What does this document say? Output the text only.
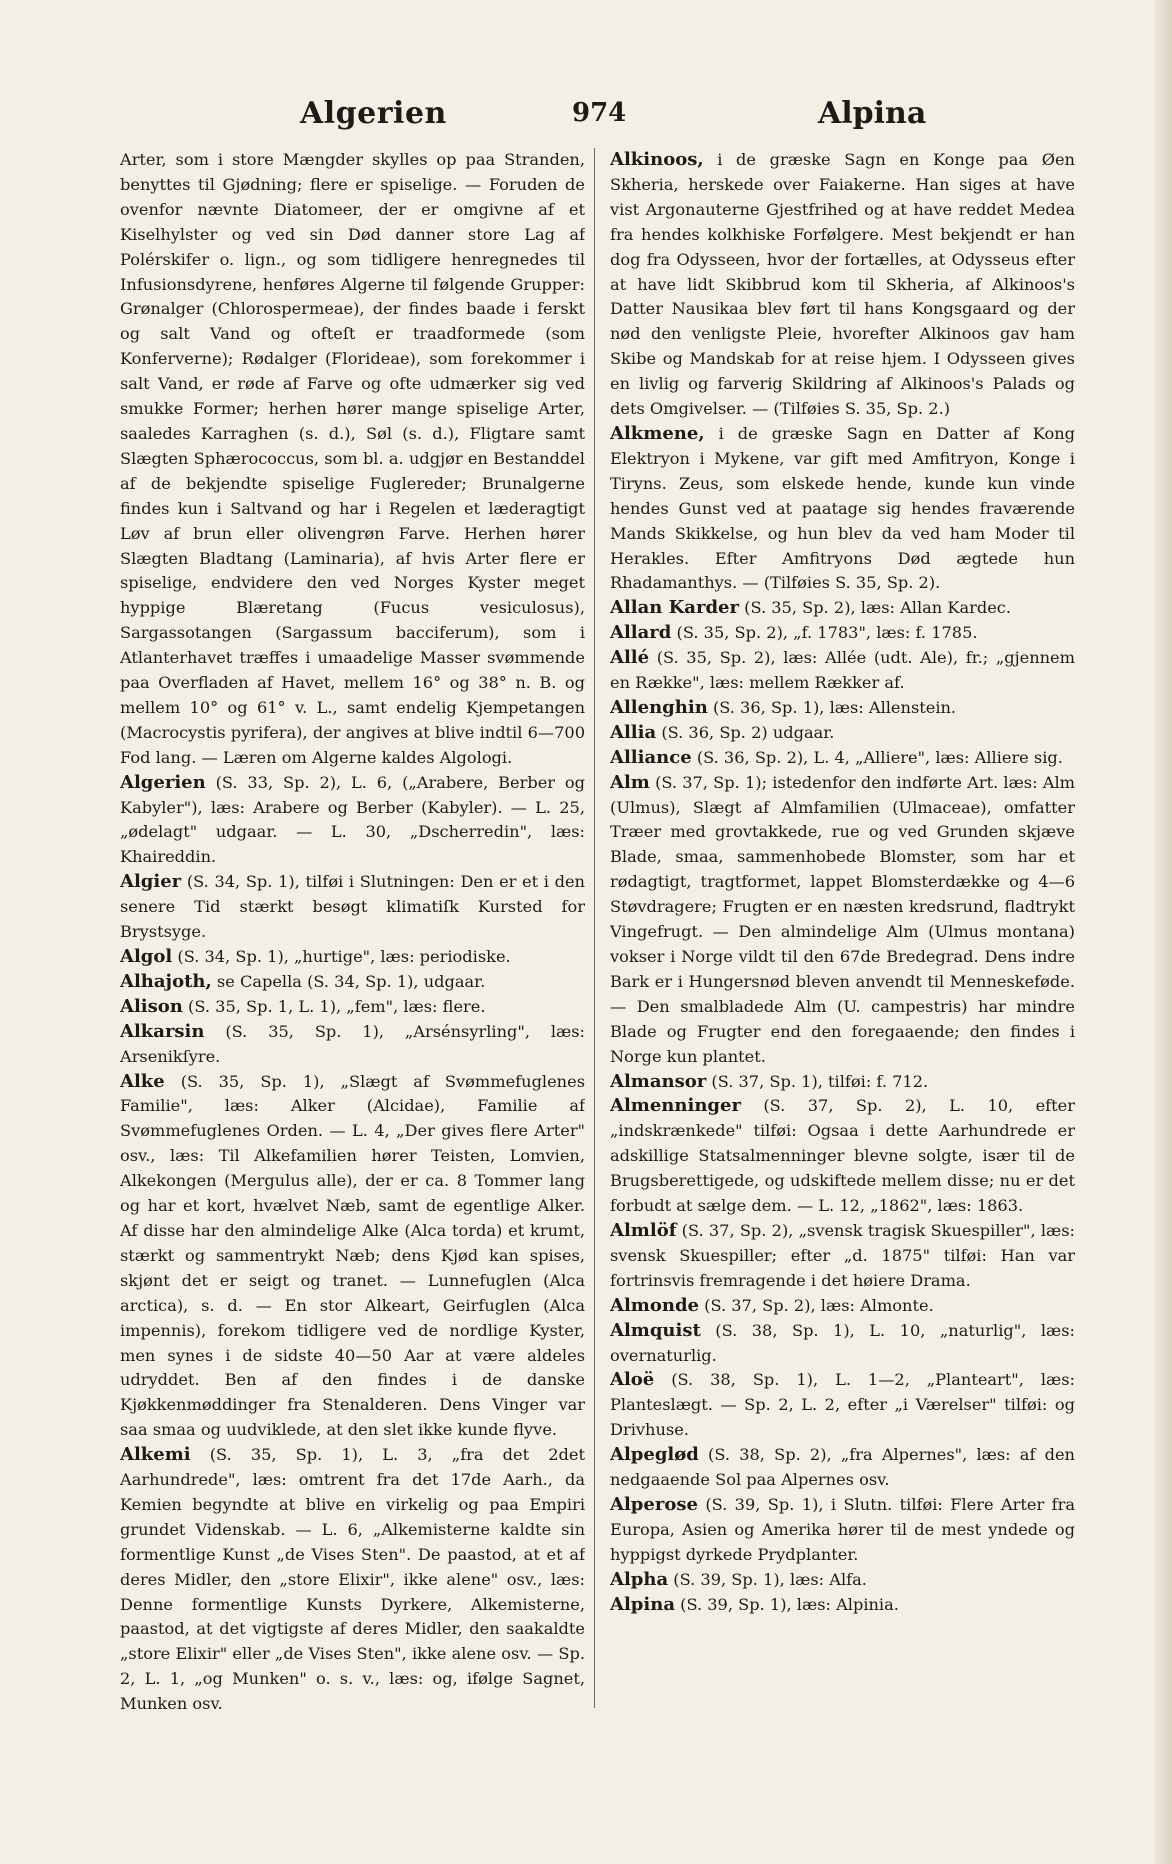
Algerien	974	Alpina

Arter, som i store Mængder skylles op paa Stranden, benyttes til Gjødning; flere er spiselige. — Foruden de ovenfor nævnte Diatomeer, der er omgivne af et Kiselhylster og ved sin Død danner store Lag af Polérskifer o. lign., og som tidligere henregnedes til Infusionsdyrene, henføres Algerne til følgende Grupper: Grønalger (Chlorospermeae), der findes baade i ferskt og salt Vand og ofteſt er traadformede (som Konferverne); Rødalger (Florideae), som forekommer i salt Vand, er røde af Farve og ofte udmærker sig ved smukke Former; herhen hører mange spiselige Arter, saaledes Karraghen (s. d.), Søl (s. d.), Fligtare samt Slægten Sphærococcus, som bl. a. udgjør en Bestanddel af de bekjendte spiselige Fuglereder; Brunalgerne findes kun i Saltvand og har i Regelen et læderagtigt Løv af brun eller olivengrøn Farve. Herhen hører Slægten Bladtang (Laminaria), af hvis Arter flere er spiselige, endvidere den ved Norges Kyster meget hyppige Blæretang (Fucus vesiculosus), Sargassotangen (Sargassum bacciferum), som i Atlanterhavet træffes i umaadelige Masser svømmende paa Overfladen af Havet, mellem 16° og 38° n. B. og mellem 10° og 61° v. L., samt endelig Kjempetangen (Macrocystis pyrifera), der angives at blive indtil 6—700 Fod lang. — Læren om Algerne kaldes Algologi.

Algerien (S. 33, Sp. 2), L. 6, („Arabere, Berber og Kabyler"), læs: Arabere og Berber (Kabyler). — L. 25, „ødelagt" udgaar. — L. 30, „Dscherredin", læs: Khaireddin.

Algier (S. 34, Sp. 1), tilføi i Slutningen: Den er et i den senere Tid stærkt besøgt klimatiſk Kursted for Brystsyge.

Algol (S. 34, Sp. 1), „hurtige", læs: periodiske.

Alhajoth, se Capella (S. 34, Sp. 1), udgaar.

Alison (S. 35, Sp. 1, L. 1), „fem", læs: flere.

Alkarsin (S. 35, Sp. 1), „Arsénsyrling", læs: Arsenikſyre.

Alke (S. 35, Sp. 1), „Slægt af Svømmefuglenes Familie", læs: Alker (Alcidae), Familie af Svømmefuglenes Orden. — L. 4, „Der gives flere Arter" osv., læs: Til Alkefamilien hører Teisten, Lomvien, Alkekongen (Mergulus alle), der er ca. 8 Tommer lang og har et kort, hvælvet Næb, samt de egentlige Alker. Af disse har den almindelige Alke (Alca torda) et krumt, stærkt og sammentrykt Næb; dens Kjød kan spises, skjønt det er seigt og tranet. — Lunnefuglen (Alca arctica), s. d. — En stor Alkeart, Geirfuglen (Alca impennis), forekom tidligere ved de nordlige Kyster, men synes i de sidste 40—50 Aar at være aldeles udryddet. Ben af den findes i de danske Kjøkkenmøddinger fra Stenalderen. Dens Vinger var saa smaa og uudviklede, at den slet ikke kunde flyve.

Alkemi (S. 35, Sp. 1), L. 3, „fra det 2det Aarhundrede", læs: omtrent fra det 17de Aarh., da Kemien begyndte at blive en virkelig og paa Empiri grundet Videnskab. — L. 6, „Alkemisterne kaldte sin formentlige Kunst „de Vises Sten". De paastod, at et af deres Midler, den „store Elixir", ikke alene" osv., læs: Denne formentlige Kunsts Dyrkere, Alkemisterne, paastod, at det vigtigste af deres Midler, den saakaldte „store Elixir" eller „de Vises Sten", ikke alene osv. — Sp. 2, L. 1, „og Munken" o. s. v., læs: og, ifølge Sagnet, Munken osv.

Alkinoos, i de græske Sagn en Konge paa Øen Skheria, herskede over Faiakerne. Han siges at have vist Argonauterne Gjestfrihed og at have reddet Medea fra hendes kolkhiske Forfølgere. Mest bekjendt er han dog fra Odysseen, hvor der fortælles, at Odysseus efter at have lidt Skibbrud kom til Skheria, af Alkinoos's Datter Nausikaa blev ført til hans Kongsgaard og der nød den venligste Pleie, hvorefter Alkinoos gav ham Skibe og Mandskab for at reise hjem. I Odysseen gives en livlig og farverig Skildring af Alkinoos's Palads og dets Omgivelser. — (Tilføies S. 35, Sp. 2.)

Alkmene, i de græske Sagn en Datter af Kong Elektryon i Mykene, var gift med Amfitryon, Konge i Tiryns. Zeus, som elskede hende, kunde kun vinde hendes Gunst ved at paatage sig hendes fraværende Mands Skikkelse, og hun blev da ved ham Moder til Herakles. Efter Amfitryons Død ægtede hun Rhadamanthys. — (Tilføies S. 35, Sp. 2).

Allan Karder (S. 35, Sp. 2), læs: Allan Kardec.

Allard (S. 35, Sp. 2), „f. 1783", læs: f. 1785.

Allé (S. 35, Sp. 2), læs: Allée (udt. Ale), fr.; „gjennem en Række", læs: mellem Rækker af.

Allenghin (S. 36, Sp. 1), læs: Allenstein.

Allia (S. 36, Sp. 2) udgaar.

Alliance (S. 36, Sp. 2), L. 4, „Alliere", læs: Alliere sig.

Alm (S. 37, Sp. 1); istedenfor den indførte Art. læs: Alm (Ulmus), Slægt af Almfamilien (Ulmaceae), omfatter Træer med grovtakkede, rue og ved Grunden skjæve Blade, smaa, sammenhobede Blomster, som har et rødagtigt, tragtformet, lappet Blomsterdække og 4—6 Støvdragere; Frugten er en næsten kredsrund, fladtrykt Vingefrugt. — Den almindelige Alm (Ulmus montana) vokser i Norge vildt til den 67de Bredegrad. Dens indre Bark er i Hungersnød bleven anvendt til Menneskeføde. — Den smalbladede Alm (U. campestris) har mindre Blade og Frugter end den foregaaende; den findes i Norge kun plantet.

Almansor (S. 37, Sp. 1), tilføi: f. 712.

Almenninger (S. 37, Sp. 2), L. 10, efter „indskrænkede" tilføi: Ogsaa i dette Aarhundrede er adskillige Statsalmenninger blevne solgte, især til de Brugsberettigede, og udskiftede mellem disse; nu er det forbudt at sælge dem. — L. 12, „1862", læs: 1863.

Almlöf (S. 37, Sp. 2), „svensk tragisk Skuespiller", læs: svensk Skuespiller; efter „d. 1875" tilføi: Han var fortrinsvis fremragende i det høiere Drama.

Almonde (S. 37, Sp. 2), læs: Almonte.

Almquist (S. 38, Sp. 1), L. 10, „naturlig", læs: overnaturlig.

Aloë (S. 38, Sp. 1), L. 1—2, „Planteart", læs: Planteslægt. — Sp. 2, L. 2, efter „i Værelser" tilføi: og Drivhuse.

Alpeglød (S. 38, Sp. 2), „fra Alpernes", læs: af den nedgaaende Sol paa Alpernes osv.

Alperose (S. 39, Sp. 1), i Slutn. tilføi: Flere Arter fra Europa, Asien og Amerika hører til de mest yndede og hyppigst dyrkede Prydplanter.

Alpha (S. 39, Sp. 1), læs: Alfa.

Alpina (S. 39, Sp. 1), læs: Alpinia.
